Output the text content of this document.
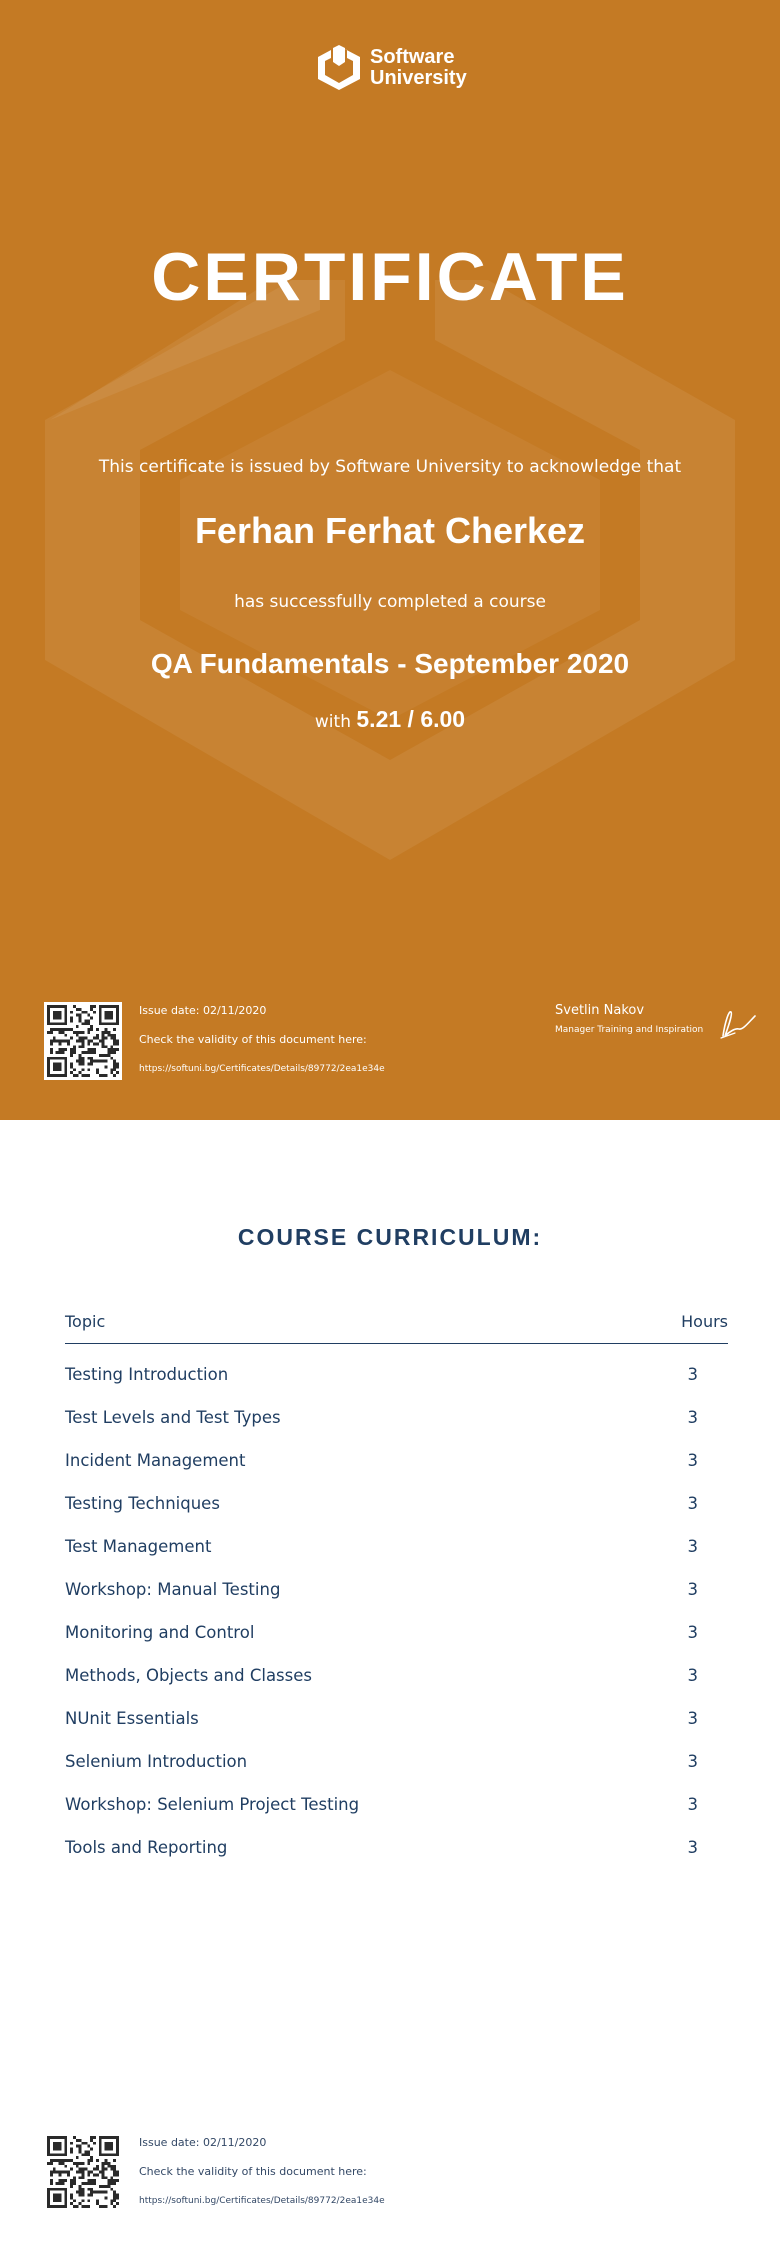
Software
University
CERTIFICATE
This certificate is issued by Software University to acknowledge that
Ferhan Ferhat Cherkez
has successfully completed a course
QA Fundamentals - September 2020
with 5.21 / 6.00
Issue date: 02/11/2020
Check the validity of this document here:
https://softuni.bg/Certificates/Details/89772/2ea1e34e
Svetlin Nakov
Manager Training and Inspiration
COURSE CURRICULUM:
Topic	Hours
Testing Introduction	3
Test Levels and Test Types	3
Incident Management	3
Testing Techniques	3
Test Management	3
Workshop: Manual Testing	3
Monitoring and Control	3
Methods, Objects and Classes	3
NUnit Essentials	3
Selenium Introduction	3
Workshop: Selenium Project Testing	3
Tools and Reporting	3
Issue date: 02/11/2020
Check the validity of this document here:
https://softuni.bg/Certificates/Details/89772/2ea1e34e
